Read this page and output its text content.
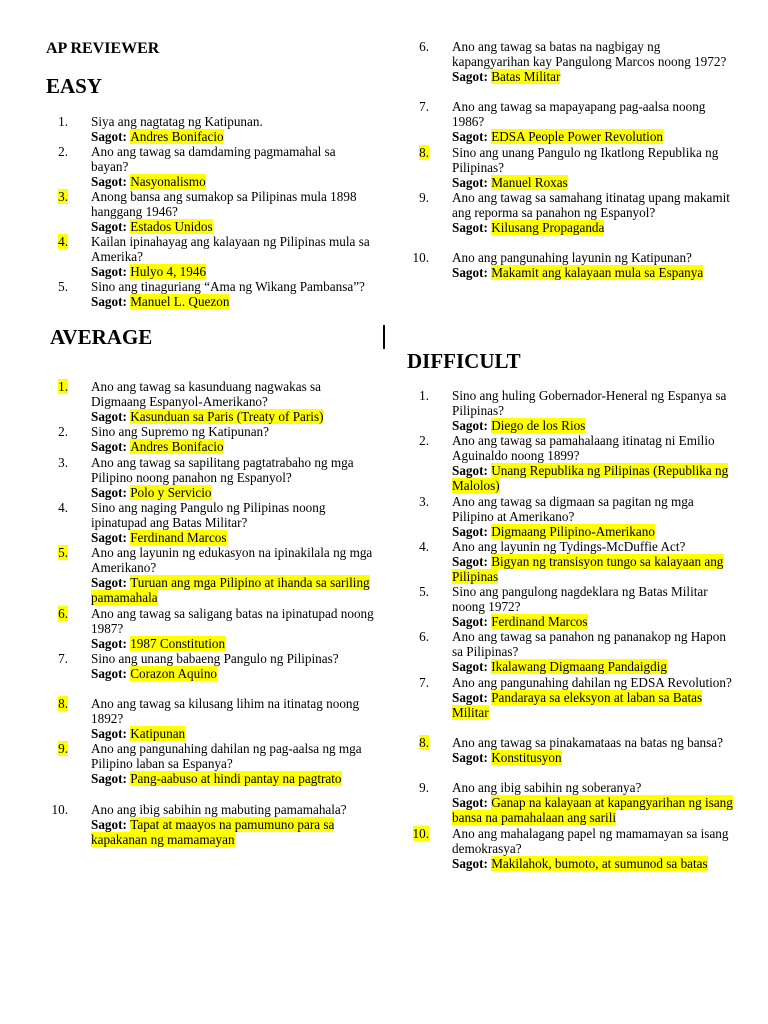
AP REVIEWER
EASY
AVERAGE
DIFFICULT
1. Siya ang nagtatag ng Katipunan.
Sagot: Andres Bonifacio
2. Ano ang tawag sa damdaming pagmamahal sa bayan?
Sagot: Nasyonalismo
3. Anong bansa ang sumakop sa Pilipinas mula 1898 hanggang 1946?
Sagot: Estados Unidos
4. Kailan ipinahayag ang kalayaan ng Pilipinas mula sa Amerika?
Sagot: Hulyo 4, 1946
5. Sino ang tinaguriang “Ama ng Wikang Pambansa”?
Sagot: Manuel L. Quezon
1. Ano ang tawag sa kasunduang nagwakas sa Digmaang Espanyol-Amerikano?
Sagot: Kasunduan sa Paris (Treaty of Paris)
2. Sino ang Supremo ng Katipunan?
Sagot: Andres Bonifacio
3. Ano ang tawag sa sapilitang pagtatrabaho ng mga Pilipino noong panahon ng Espanyol?
Sagot: Polo y Servicio
4. Sino ang naging Pangulo ng Pilipinas noong ipinatupad ang Batas Militar?
Sagot: Ferdinand Marcos
5. Ano ang layunin ng edukasyon na ipinakilala ng mga Amerikano?
Sagot: Turuan ang mga Pilipino at ihanda sa sariling pamamahala
6. Ano ang tawag sa saligang batas na ipinatupad noong 1987?
Sagot: 1987 Constitution
7. Sino ang unang babaeng Pangulo ng Pilipinas?
Sagot: Corazon Aquino
8. Ano ang tawag sa kilusang lihim na itinatag noong 1892?
Sagot: Katipunan
9. Ano ang pangunahing dahilan ng pag-aalsa ng mga Pilipino laban sa Espanya?
Sagot: Pang-aabuso at hindi pantay na pagtrato
10. Ano ang ibig sabihin ng mabuting pamamahala?
Sagot: Tapat at maayos na pamumuno para sa kapakanan ng mamamayan
6. Ano ang tawag sa batas na nagbigay ng kapangyarihan kay Pangulong Marcos noong 1972?
Sagot: Batas Militar
7. Ano ang tawag sa mapayapang pag-aalsa noong 1986?
Sagot: EDSA People Power Revolution
8. Sino ang unang Pangulo ng Ikatlong Republika ng Pilipinas?
Sagot: Manuel Roxas
9. Ano ang tawag sa samahang itinatag upang makamit ang reporma sa panahon ng Espanyol?
Sagot: Kilusang Propaganda
10. Ano ang pangunahing layunin ng Katipunan?
Sagot: Makamit ang kalayaan mula sa Espanya
1. Sino ang huling Gobernador-Heneral ng Espanya sa Pilipinas?
Sagot: Diego de los Rios
2. Ano ang tawag sa pamahalaang itinatag ni Emilio Aguinaldo noong 1899?
Sagot: Unang Republika ng Pilipinas (Republika ng Malolos)
3. Ano ang tawag sa digmaan sa pagitan ng mga Pilipino at Amerikano?
Sagot: Digmaang Pilipino-Amerikano
4. Ano ang layunin ng Tydings-McDuffie Act?
Sagot: Bigyan ng transisyon tungo sa kalayaan ang Pilipinas
5. Sino ang pangulong nagdeklara ng Batas Militar noong 1972?
Sagot: Ferdinand Marcos
6. Ano ang tawag sa panahon ng pananakop ng Hapon sa Pilipinas?
Sagot: Ikalawang Digmaang Pandaigdig
7. Ano ang pangunahing dahilan ng EDSA Revolution?
Sagot: Pandaraya sa eleksyon at laban sa Batas Militar
8. Ano ang tawag sa pinakamataas na batas ng bansa?
Sagot: Konstitusyon
9. Ano ang ibig sabihin ng soberanya?
Sagot: Ganap na kalayaan at kapangyarihan ng isang bansa na pamahalaan ang sarili
10. Ano ang mahalagang papel ng mamamayan sa isang demokrasya?
Sagot: Makilahok, bumoto, at sumunod sa batas
